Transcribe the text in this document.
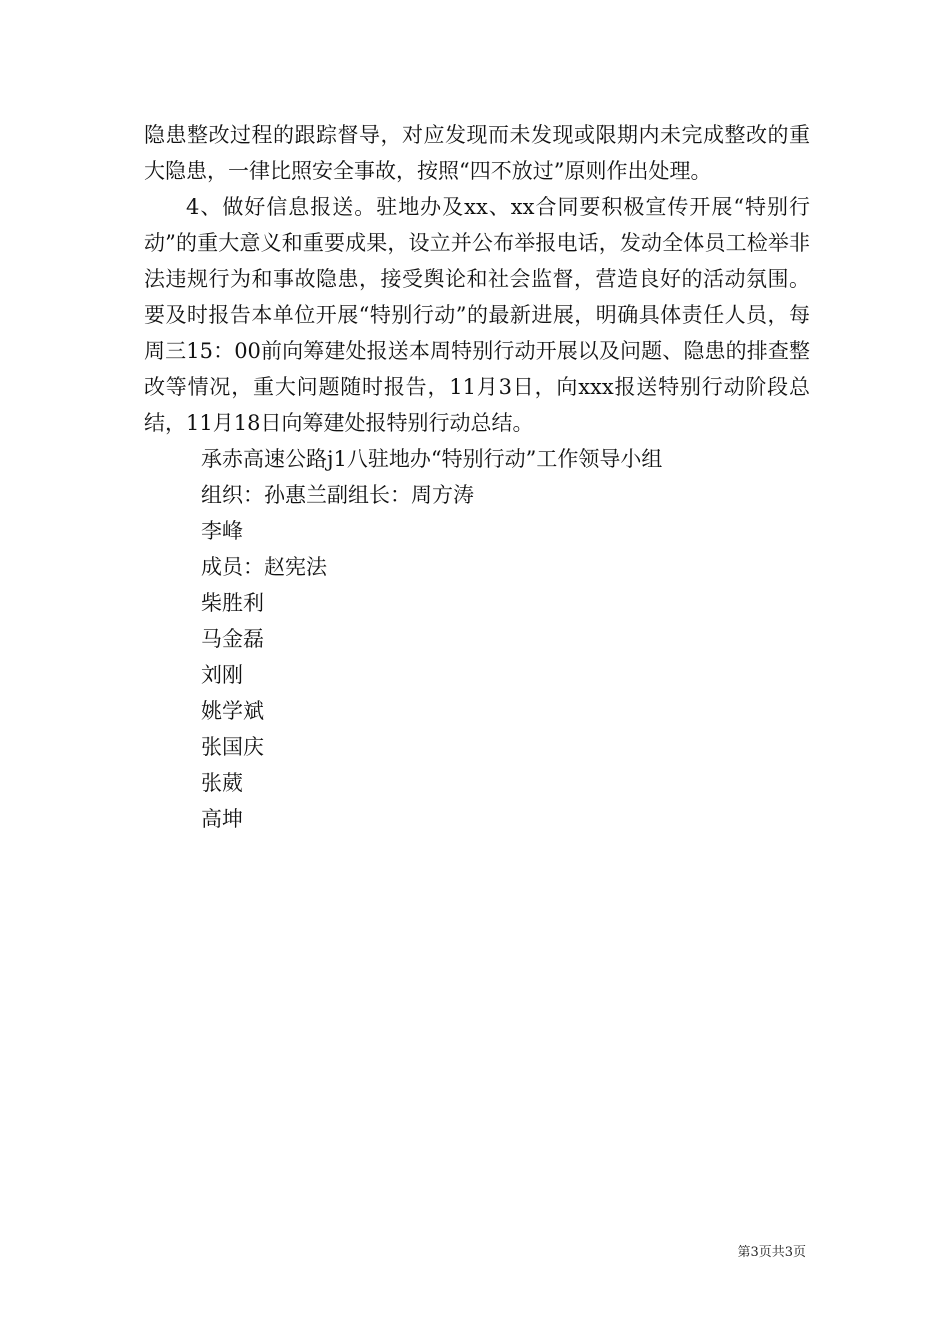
隐患整改过程的跟踪督导，对应发现而未发现或限期内未完成整改的重大隐患，一律比照安全事故，按照“四不放过”原则作出处理。

4、做好信息报送。驻地办及xx、xx合同要积极宣传开展“特别行动”的重大意义和重要成果，设立并公布举报电话，发动全体员工检举非法违规行为和事故隐患，接受舆论和社会监督，营造良好的活动氛围。要及时报告本单位开展“特别行动”的最新进展，明确具体责任人员，每周三15：00前向筹建处报送本周特别行动开展以及问题、隐患的排查整改等情况，重大问题随时报告，11月3日，向xxx报送特别行动阶段总结，11月18日向筹建处报特别行动总结。

承赤高速公路j1八驻地办“特别行动”工作领导小组

组织：孙惠兰副组长：周方涛

李峰

成员：赵宪法

柴胜利

马金磊

刘刚

姚学斌

张国庆

张葳

高坤

第3页共3页
